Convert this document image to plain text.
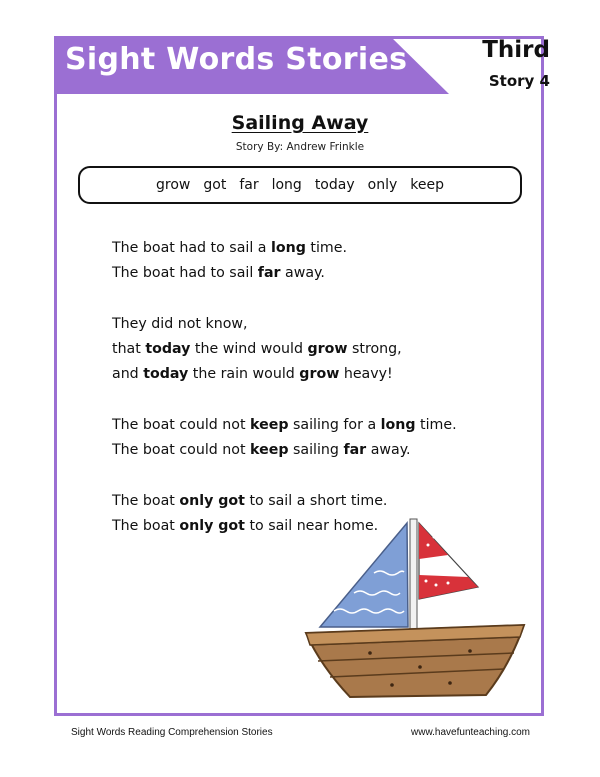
Sight Words Stories	Third
Story 4
Sailing Away
Story By: Andrew Frinkle
grow got far long today only keep
The boat had to sail a long time.
The boat had to sail far away.
They did not know,
that today the wind would grow strong,
and today the rain would grow heavy!
The boat could not keep sailing for a long time.
The boat could not keep sailing far away.
The boat only got to sail a short time.
The boat only got to sail near home.
Sight Words Reading Comprehension Stories	www.havefunteaching.com
